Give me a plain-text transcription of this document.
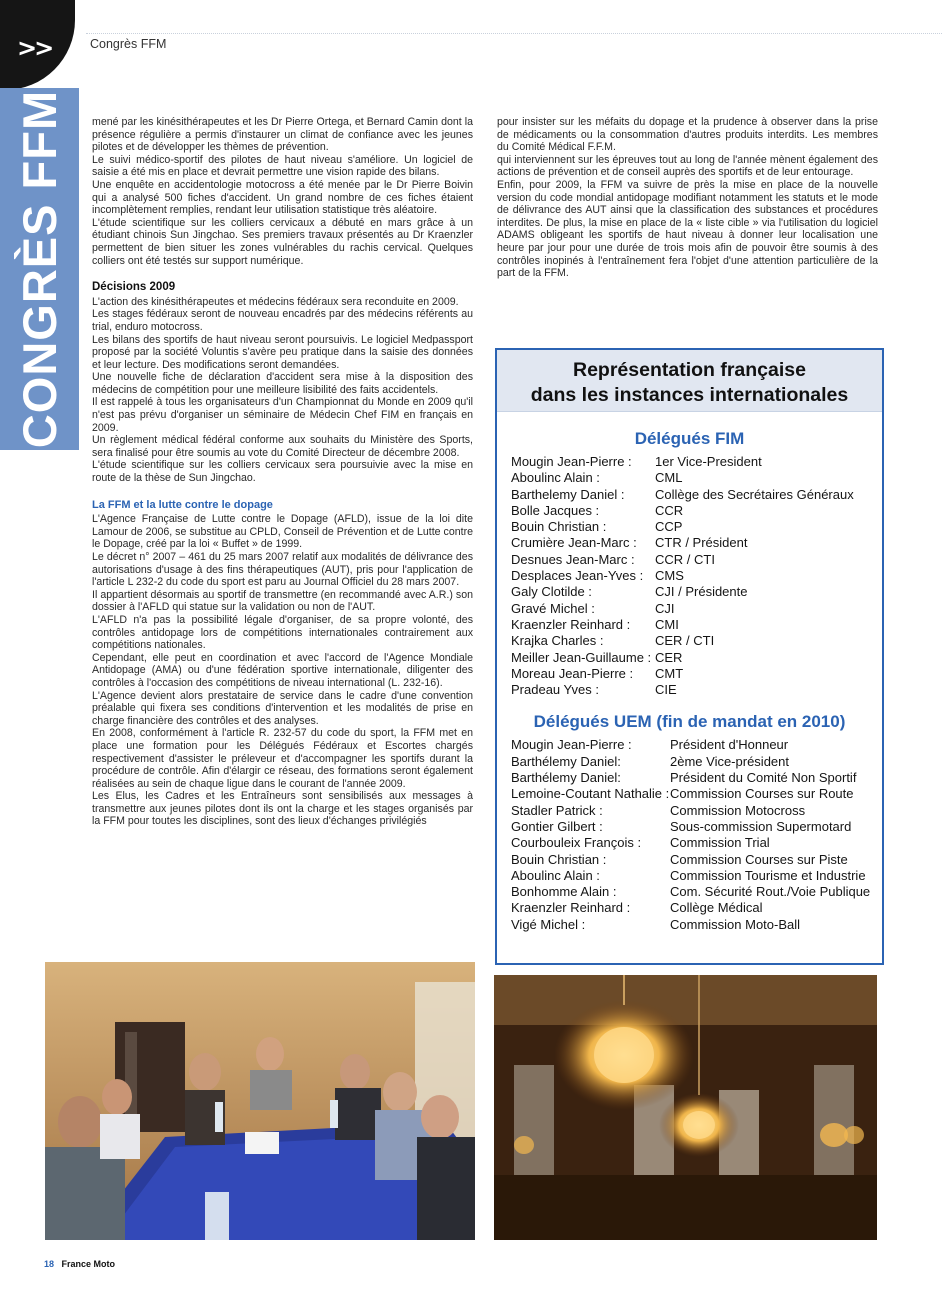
>>	Congrès FFM
CONGRÈS FFM	mené par les kinésithérapeutes et les Dr Pierre Ortega, et Bernard Camin dont la présence régulière a permis d'instaurer un climat de confiance avec les jeunes pilotes et de développer les thèmes de prévention.

Le suivi médico-sportif des pilotes de haut niveau s'améliore. Un logiciel de saisie a été mis en place et devrait permettre une vision rapide des bilans.

Une enquête en accidentologie motocross a été menée par le Dr Pierre Boivin qui a analysé 500 fiches d'accident. Un grand nombre de ces fiches étaient incomplètement remplies, rendant leur utilisation statistique très aléatoire.

L'étude scientifique sur les colliers cervicaux a débuté en mars grâce à un étudiant chinois Sun Jingchao. Ses premiers travaux présentés au Dr Kraenzler permettent de bien situer les zones vulnérables du rachis cervical. Quelques colliers ont été testés sur support numérique.

Décisions 2009

L'action des kinésithérapeutes et médecins fédéraux sera reconduite en 2009.

Les stages fédéraux seront de nouveau encadrés par des médecins référents au trial, enduro motocross.

Les bilans des sportifs de haut niveau seront poursuivis. Le logiciel Medpassport proposé par la société Voluntis s'avère peu pratique dans la saisie des données et leur lecture. Des modifications seront demandées.

Une nouvelle fiche de déclaration d'accident sera mise à la disposition des médecins de compétition pour une meilleure lisibilité des faits accidentels.

Il est rappelé à tous les organisateurs d'un Championnat du Monde en 2009 qu'il n'est pas prévu d'organiser un séminaire de Médecin Chef FIM en français en 2009.

Un règlement médical fédéral conforme aux souhaits du Ministère des Sports, sera finalisé pour être soumis au vote du Comité Directeur de décembre 2008.

L'étude scientifique sur les colliers cervicaux sera poursuivie avec la mise en route de la thèse de Sun Jingchao.

La FFM et la lutte contre le dopage

L'Agence Française de Lutte contre le Dopage (AFLD), issue de la loi dite Lamour de 2006, se substitue au CPLD, Conseil de Prévention et de Lutte contre le Dopage, créé par la loi « Buffet » de 1999.

Le décret n° 2007 – 461 du 25 mars 2007 relatif aux modalités de délivrance des autorisations d'usage à des fins thérapeutiques (AUT), pris pour l'application de l'article L 232-2 du code du sport est paru au Journal Officiel du 28 mars 2007.

Il appartient désormais au sportif de transmettre (en recommandé avec A.R.) son dossier à l'AFLD qui statue sur la validation ou non de l'AUT.

L'AFLD n'a pas la possibilité légale d'organiser, de sa propre volonté, des contrôles antidopage lors de compétitions internationales contrairement aux compétitions nationales.

Cependant, elle peut en coordination et avec l'accord de l'Agence Mondiale Antidopage (AMA) ou d'une fédération sportive internationale, diligenter des contrôles à l'occasion des compétitions de niveau international (L. 232-16).

L'Agence devient alors prestataire de service dans le cadre d'une convention préalable qui fixera ses conditions d'intervention et les modalités de prise en charge financière des contrôles et des analyses.

En 2008, conformément à l'article R. 232-57 du code du sport, la FFM met en place une formation pour les Délégués Fédéraux et Escortes chargés respectivement d'assister le préleveur et d'accompagner les sportifs durant la procédure de contrôle. Afin d'élargir ce réseau, des formations seront également réalisées au sein de chaque ligue dans le courant de l'année 2009.

Les Elus, les Cadres et les Entraîneurs sont sensibilisés aux messages à transmettre aux jeunes pilotes dont ils ont la charge et les stages organisés par la FFM pour toutes les disciplines, sont des lieux d'échanges privilégiés

pour insister sur les méfaits du dopage et la prudence à observer dans la prise de médicaments ou la consommation d'autres produits interdits. Les membres du Comité Médical F.F.M.

qui interviennent sur les épreuves tout au long de l'année mènent également des actions de prévention et de conseil auprès des sportifs et de leur entourage.

Enfin, pour 2009, la FFM va suivre de près la mise en place de la nouvelle version du code mondial antidopage modifiant notamment les statuts et le mode de délivrance des AUT ainsi que la classification des substances et procédures interdites. De plus, la mise en place de la « liste cible » via l'utilisation du logiciel ADAMS obligeant les sportifs de haut niveau à donner leur localisation une heure par jour pour une durée de trois mois afin de pouvoir être soumis à des contrôles inopinés à l'entraînement fera l'objet d'une attention particulière de la part de la FFM.

Représentation française
dans les instances internationales
Délégués FIM
Mougin Jean-Pierre :	1er Vice-President
Aboulinc Alain :	CML
Barthelemy Daniel :	Collège des Secrétaires Généraux
Bolle Jacques :	CCR
Bouin Christian :	CCP
Crumière Jean-Marc :	CTR / Président
Desnues Jean-Marc :	CCR / CTI
Desplaces Jean-Yves : CMS
Galy Clotilde :	CJI / Présidente
Gravé Michel :	CJI
Kraenzler Reinhard :	CMI
Krajka Charles :	CER / CTI
Meiller Jean-Guillaume : CER
Moreau Jean-Pierre :	CMT
Pradeau Yves :	CIE
Délégués UEM (fin de mandat en 2010)
Mougin Jean-Pierre :	Président d'Honneur
Barthélemy Daniel:	2ème Vice-président
Barthélemy Daniel:	Président du Comité Non Sportif
Lemoine-Coutant Nathalie : Commission Courses sur Route
Stadler Patrick :	Commission Motocross
Gontier Gilbert :	Sous-commission Supermotard
Courbouleix François :	Commission Trial
Bouin Christian :	Commission Courses sur Piste
Aboulinc Alain :	Commission Tourisme et Industrie
Bonhomme Alain :	Com. Sécurité Rout./Voie Publique
Kraenzler Reinhard :	Collège Médical
Vigé Michel :	Commission Moto-Ball
18 France Moto
